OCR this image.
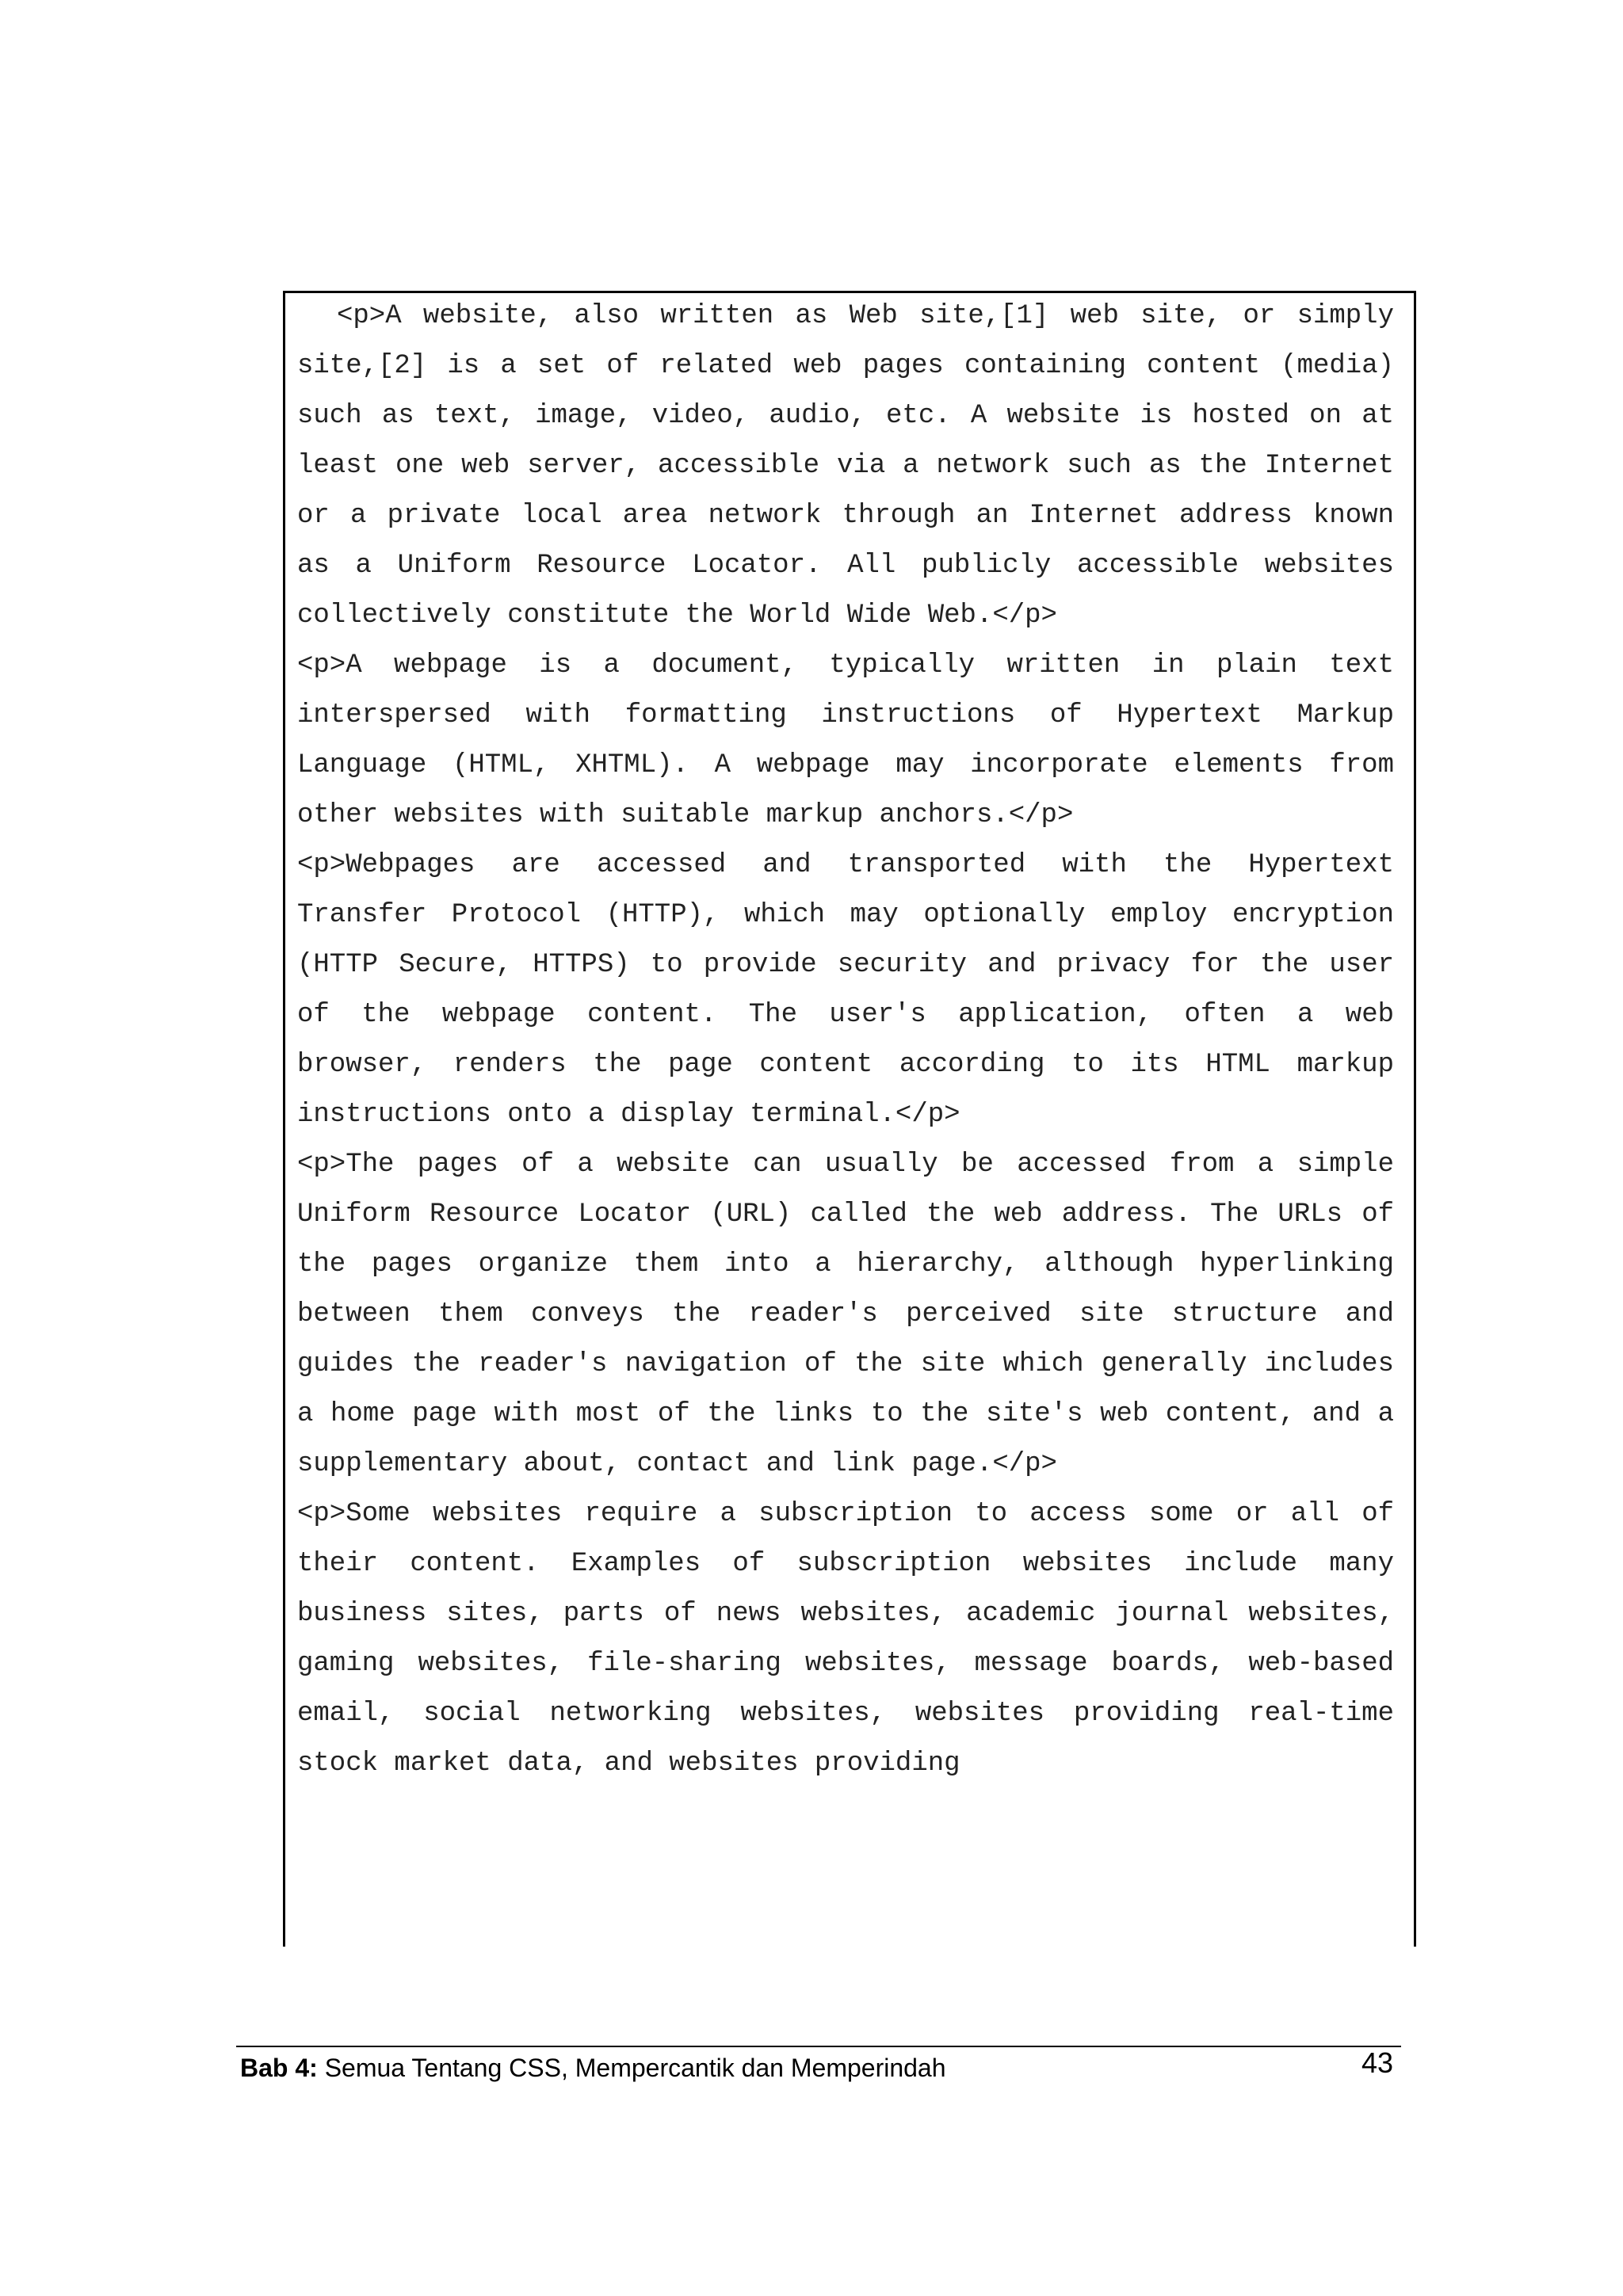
<p>A website, also written as Web site,[1] web site, or simply site,[2] is a set of related web pages containing content (media) such as text, image, video, audio, etc. A website is hosted on at least one web server, accessible via a network such as the Internet or a private local area network through an Internet address known as a Uniform Resource Locator. All publicly accessible websites collectively constitute the World Wide Web.</p>

<p>A webpage is a document, typically written in plain text interspersed with formatting instructions of Hypertext Markup Language (HTML, XHTML). A webpage may incorporate elements from other websites with suitable markup anchors.</p>

<p>Webpages are accessed and transported with the Hypertext Transfer Protocol (HTTP), which may optionally employ encryption (HTTP Secure, HTTPS) to provide security and privacy for the user of the webpage content. The user's application, often a web browser, renders the page content according to its HTML markup instructions onto a display terminal.</p>

<p>The pages of a website can usually be accessed from a simple Uniform Resource Locator (URL) called the web address. The URLs of the pages organize them into a hierarchy, although hyperlinking between them conveys the reader's perceived site structure and guides the reader's navigation of the site which generally includes a home page with most of the links to the site's web content, and a supplementary about, contact and link page.</p>

<p>Some websites require a subscription to access some or all of their content. Examples of subscription websites include many business sites, parts of news websites, academic journal websites, gaming websites, file-sharing websites, message boards, web-based email, social networking websites, websites providing real-time stock market data, and websites providing

Bab 4: Semua Tentang CSS, Mempercantik dan Memperindah	43
